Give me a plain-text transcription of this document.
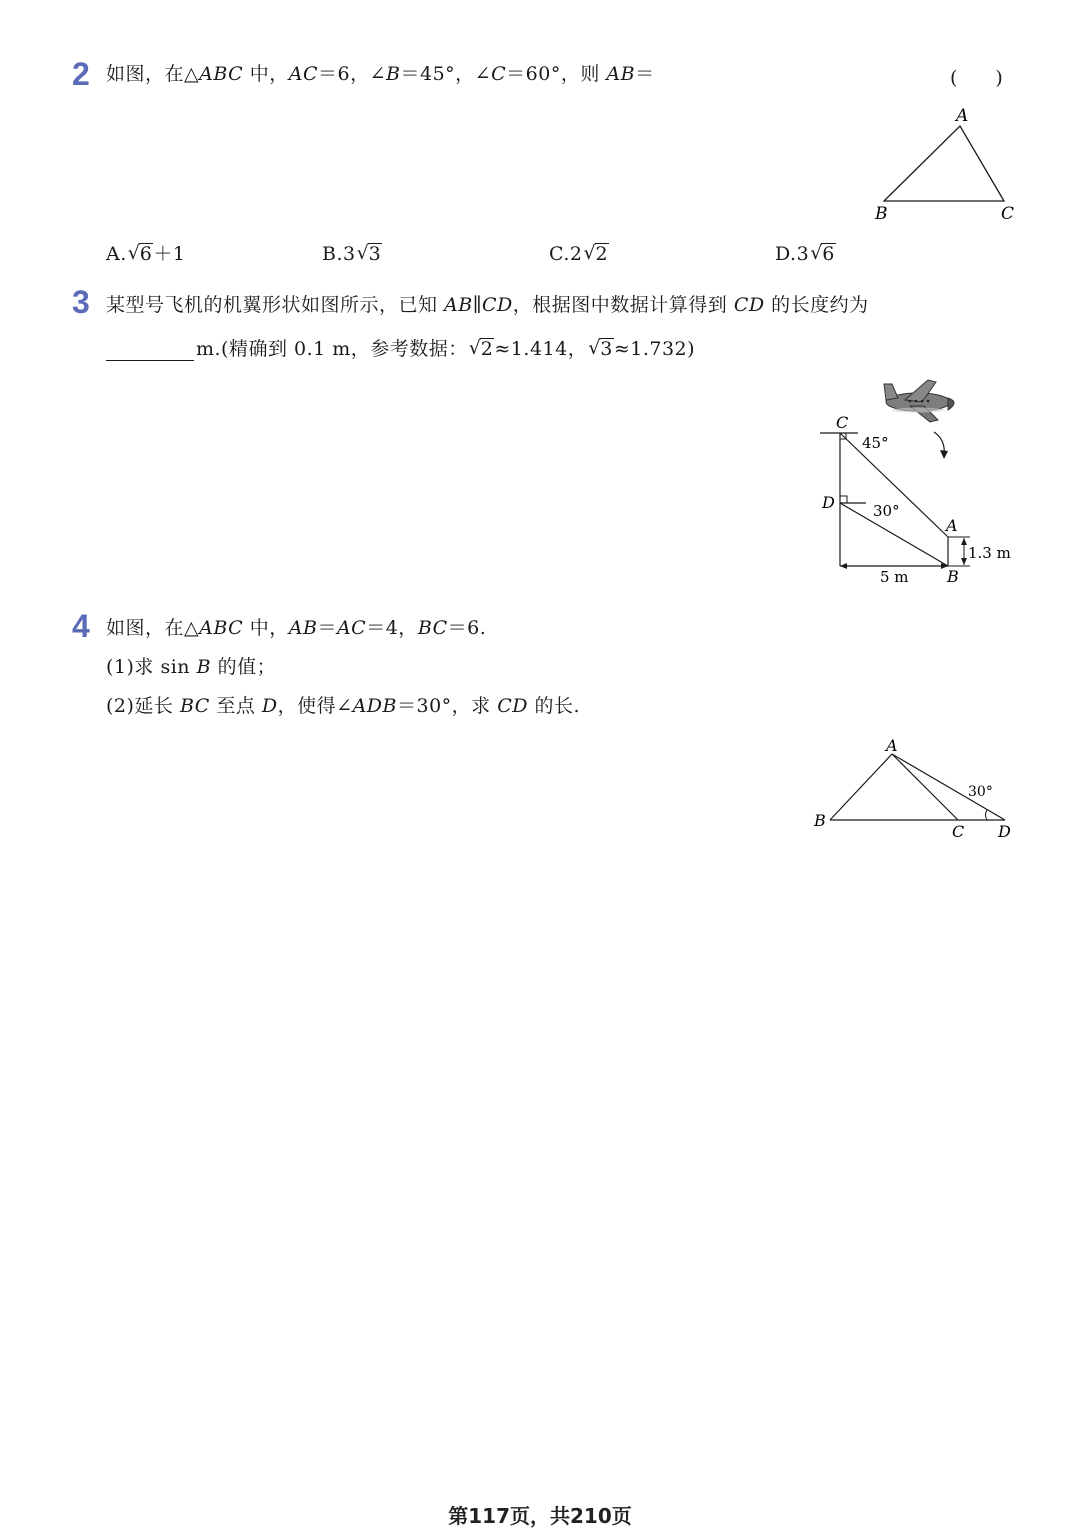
2 如图，在△ABC 中，AC＝6，∠B＝45°，∠C＝60°，则 AB＝	(　　)
A
B	C
A. √ 6＋1	B.3 √ 3	C.2 √ 2	D.3 √ 6
3 某型号飞机的机翼形状如图所示，已知 AB∥CD，根据图中数据计算得到 CD 的长度约为
m.(精确到 0.1 m，参考数据： √ 2≈1.414， √ 3≈1.732)
C
45°
D	30°
A
1.3 m
B
5 m
4 如图，在△ABC 中，AB＝AC＝4，BC＝6.
(1)求 sin B 的值；
(2)延长 BC 至点 D，使得∠ADB＝30°，求 CD 的长.
A
B
C D
30°
第117页，共210页
